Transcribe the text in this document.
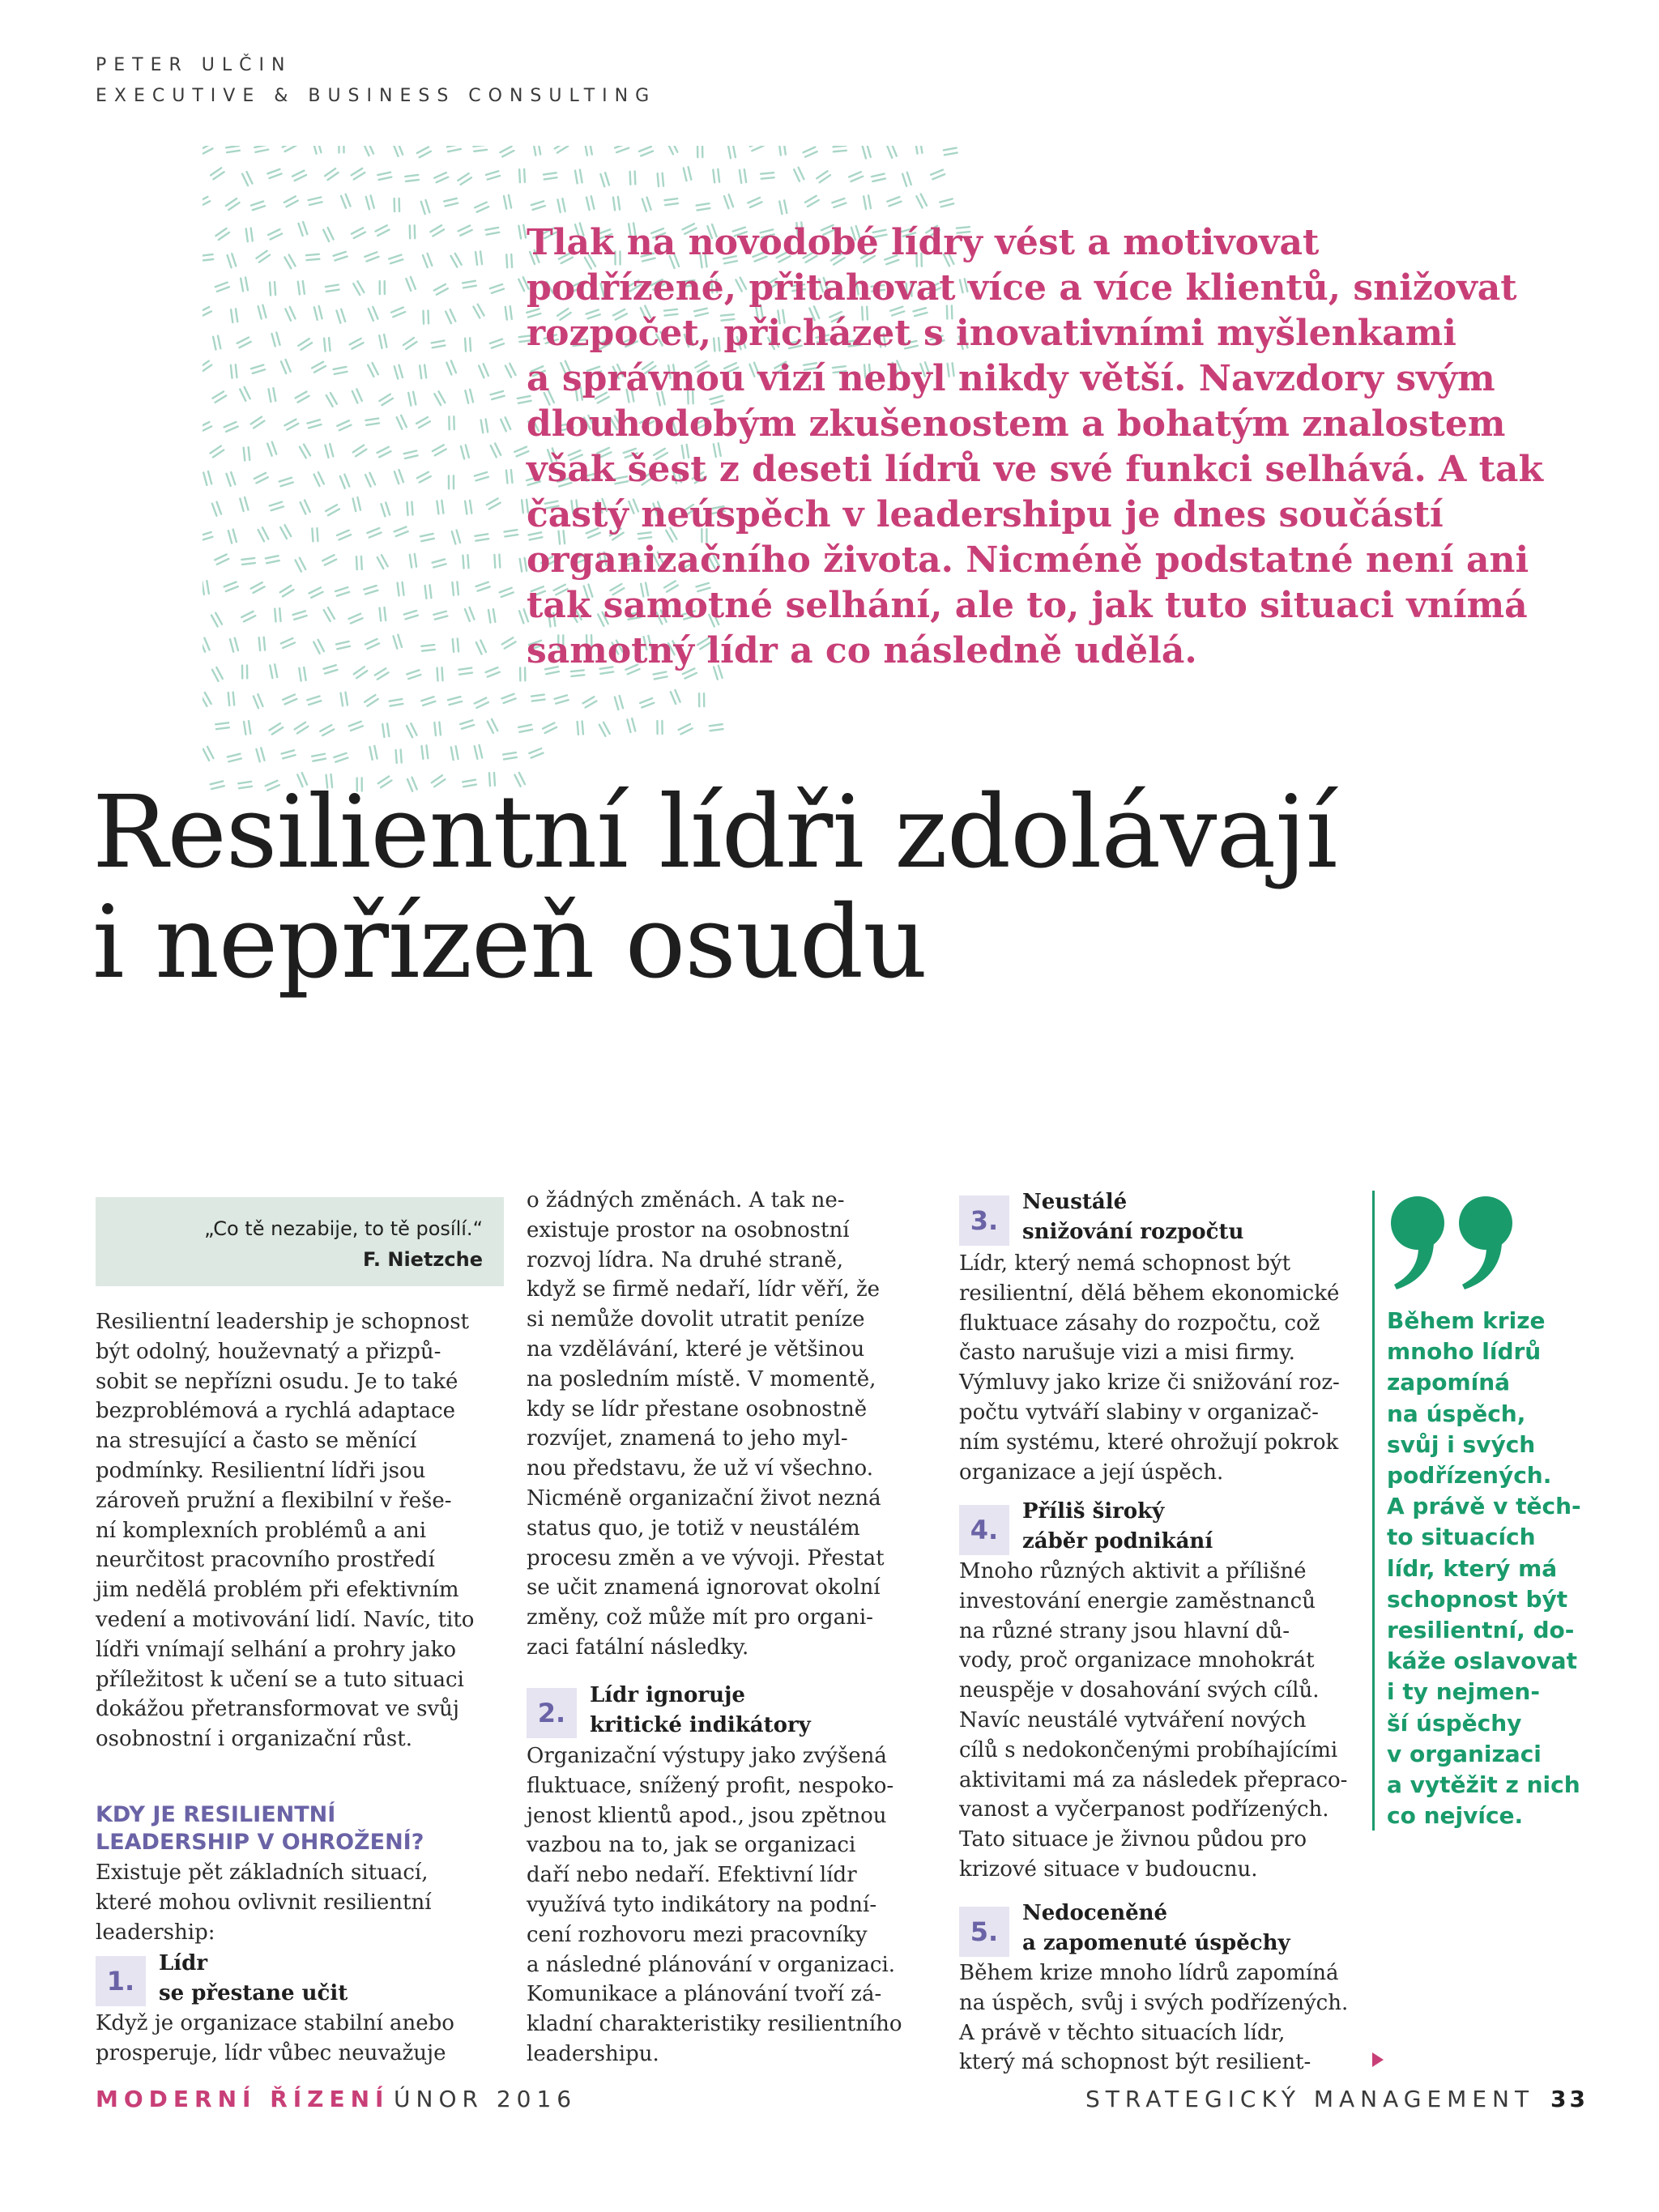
PETER ULČIN
EXECUTIVE & BUSINESS CONSULTING
Tlak na novodobé lídry vést a motivovat
podřízené, přitahovat více a více klientů, snižovat
rozpočet, přicházet s inovativními myšlenkami
a správnou vizí nebyl nikdy větší. Navzdory svým
dlouhodobým zkušenostem a bohatým znalostem
však šest z deseti lídrů ve své funkci selhává. A tak
častý neúspěch v leadershipu je dnes součástí
organizačního života. Nicméně podstatné není ani
tak samotné selhání, ale to, jak tuto situaci vnímá
samotný lídr a co následně udělá.
Resilientní lídři zdolávají
i nepřízeň osudu
„Co tě nezabije, to tě posílí.“
F. Nietzche
Resilientní leadership je schopnost
být odolný, houževnatý a přizpů-
sobit se nepřízni osudu. Je to také
bezproblémová a rychlá adaptace
na stresující a často se měnící
podmínky. Resilientní lídři jsou
zároveň pružní a flexibilní v řeše-
ní komplexních problémů a ani
neurčitost pracovního prostředí
jim nedělá problém při efektivním
vedení a motivování lidí. Navíc, tito
lídři vnímají selhání a prohry jako
příležitost k učení se a tuto situaci
dokážou přetransformovat ve svůj
osobnostní i organizační růst.
KDY JE RESILIENTNÍ
LEADERSHIP V OHROŽENÍ?
Existuje pět základních situací,
které mohou ovlivnit resilientní
leadership:
1.
Lídr
se přestane učit
Když je organizace stabilní anebo
prosperuje, lídr vůbec neuvažuje
o žádných změnách. A tak ne-
existuje prostor na osobnostní
rozvoj lídra. Na druhé straně,
když se firmě nedaří, lídr věří, že
si nemůže dovolit utratit peníze
na vzdělávání, které je většinou
na posledním místě. V momentě,
kdy se lídr přestane osobnostně
rozvíjet, znamená to jeho myl-
nou představu, že už ví všechno.
Nicméně organizační život nezná
status quo, je totiž v neustálém
procesu změn a ve vývoji. Přestat
se učit znamená ignorovat okolní
změny, což může mít pro organi-
zaci fatální následky.
2.
Lídr ignoruje
kritické indikátory
Organizační výstupy jako zvýšená
fluktuace, snížený profit, nespoko-
jenost klientů apod., jsou zpětnou
vazbou na to, jak se organizaci
daří nebo nedaří. Efektivní lídr
využívá tyto indikátory na podní-
cení rozhovoru mezi pracovníky
a následné plánování v organizaci.
Komunikace a plánování tvoří zá-
kladní charakteristiky resilientního
leadershipu.
3.
Neustálé
snižování rozpočtu
Lídr, který nemá schopnost být
resilientní, dělá během ekonomické
fluktuace zásahy do rozpočtu, což
často narušuje vizi a misi firmy.
Výmluvy jako krize či snižování roz-
počtu vytváří slabiny v organizač-
ním systému, které ohrožují pokrok
organizace a její úspěch.
4.
Příliš široký
záběr podnikání
Mnoho různých aktivit a přílišné
investování energie zaměstnanců
na různé strany jsou hlavní dů-
vody, proč organizace mnohokrát
neuspěje v dosahování svých cílů.
Navíc neustálé vytváření nových
cílů s nedokončenými probíhajícími
aktivitami má za následek přepraco-
vanost a vyčerpanost podřízených.
Tato situace je živnou půdou pro
krizové situace v budoucnu.
5.
Nedoceněné
a zapomenuté úspěchy
Během krize mnoho lídrů zapomíná
na úspěch, svůj i svých podřízených.
A právě v těchto situacích lídr,
který má schopnost být resilient-
Během krize
mnoho lídrů
zapomíná
na úspěch,
svůj i svých
podřízených.
A právě v těch-
to situacích
lídr, který má
schopnost být
resilientní, do-
káže oslavovat
i ty nejmen-
ší úspěchy
v organizaci
a vytěžit z nich
co nejvíce.
MODERNÍ ŘÍZENÍ ÚNOR 2016	STRATEGICKÝ MANAGEMENT 33
